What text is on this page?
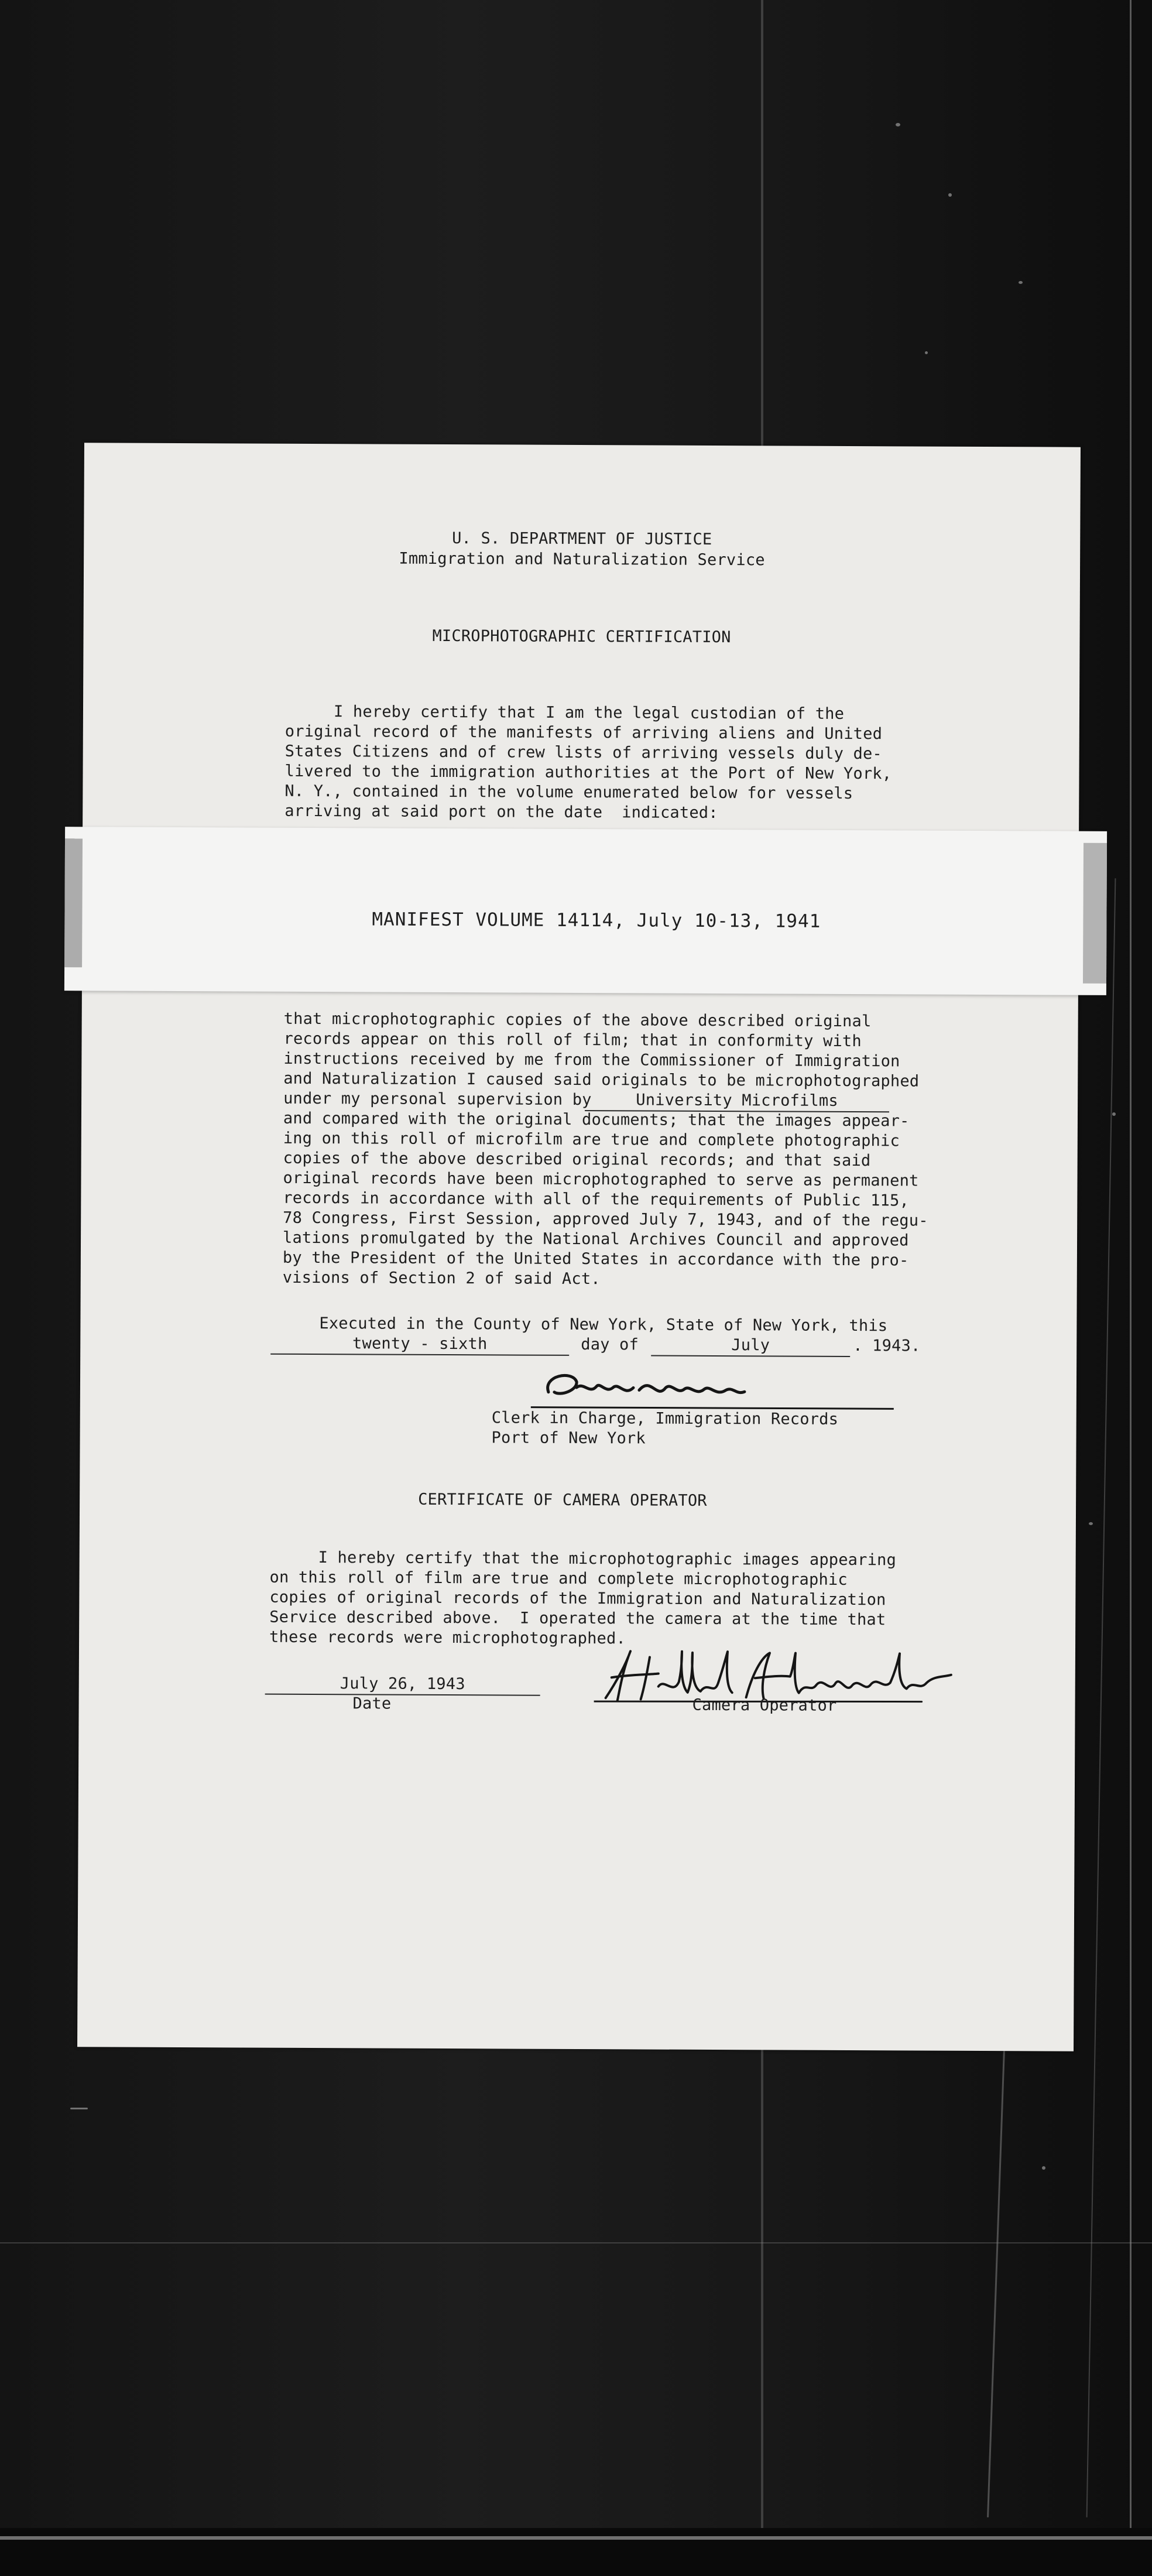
U. S. DEPARTMENT OF JUSTICE
Immigration and Naturalization Service
MICROPHOTOGRAPHIC CERTIFICATION
I hereby certify that I am the legal custodian of the
original record of the manifests of arriving aliens and United
States Citizens and of crew lists of arriving vessels duly de-
livered to the immigration authorities at the Port of New York,
N. Y., contained in the volume enumerated below for vessels
arriving at said port on the date  indicated:
MANIFEST VOLUME 14114, July 10-13, 1941
that microphotographic copies of the above described original
records appear on this roll of film; that in conformity with
instructions received by me from the Commissioner of Immigration
and Naturalization I caused said originals to be microphotographed
under my personal supervision by	University Microfilms
and compared with the original documents; that the images appear-
ing on this roll of microfilm are true and complete photographic
copies of the above described original records; and that said
original records have been microphotographed to serve as permanent
records in accordance with all of the requirements of Public 115,
78 Congress, First Session, approved July 7, 1943, and of the regu-
lations promulgated by the National Archives Council and approved
by the President of the United States in accordance with the pro-
visions of Section 2 of said Act.
Executed in the County of New York, State of New York, this
twenty - sixth	day of	July	. 1943.
Clerk in Charge, Immigration Records
Port of New York
CERTIFICATE OF CAMERA OPERATOR
I hereby certify that the microphotographic images appearing
on this roll of film are true and complete microphotographic
copies of original records of the Immigration and Naturalization
Service described above.  I operated the camera at the time that
these records were microphotographed.
July 26, 1943
Date	Camera Operator
